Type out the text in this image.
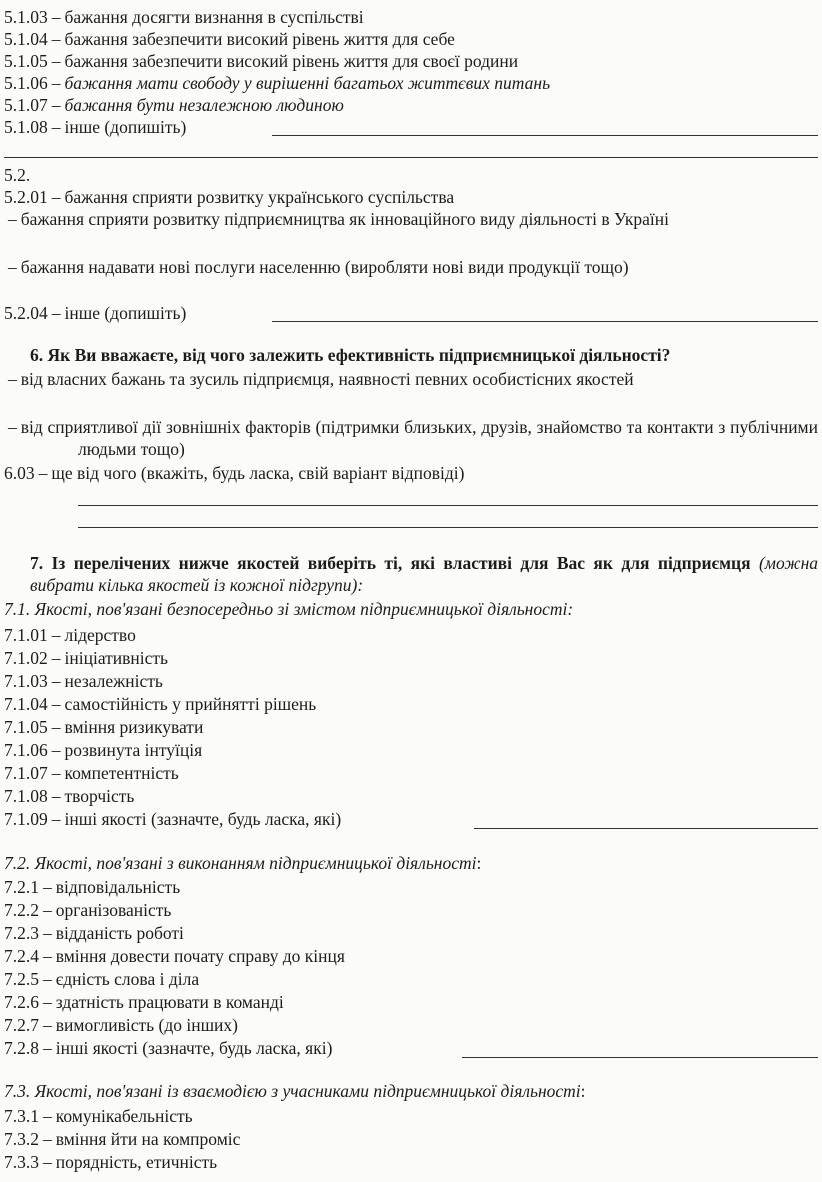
5.1.03 – бажання досягти визнання в суспільстві
5.1.04 – бажання забезпечити високий рівень життя для себе
5.1.05 – бажання забезпечити високий рівень життя для своєї родини
5.1.06 – бажання мати свободу у вирішенні багатьох життєвих питань
5.1.07 – бажання бути незалежною людиною
5.1.08 – інше (допишіть)
5.2.
5.2.01 – бажання сприяти розвитку українського суспільства
– бажання сприяти розвитку підприємництва як інноваційного виду діяльності в Україні
– бажання надавати нові послуги населенню (виробляти нові види продукції тощо)
5.2.04 – інше (допишіть)
6. Як Ви вважаєте, від чого залежить ефективність підприємницької діяльності?
– від власних бажань та зусиль підприємця, наявності певних особистісних якостей
– від сприятливої дії зовнішніх факторів (підтримки близьких, друзів, знайомство та контакти з публічними людьми тощо)
6.03 – ще від чого (вкажіть, будь ласка, свій варіант відповіді)
7. Із перелічених нижче якостей виберіть ті, які властиві для Вас як для підприємця (можна вибрати кілька якостей із кожної підгрупи):
7.1. Якості, пов'язані безпосередньо зі змістом підприємницької діяльності:
7.1.01 – лідерство
7.1.02 – ініціативність
7.1.03 – незалежність
7.1.04 – самостійність у прийнятті рішень
7.1.05 – вміння ризикувати
7.1.06 – розвинута інтуїція
7.1.07 – компетентність
7.1.08 – творчість
7.1.09 – інші якості (зазначте, будь ласка, які)
7.2. Якості, пов'язані з виконанням підприємницької діяльності:
7.2.1 – відповідальність
7.2.2 – організованість
7.2.3 – відданість роботі
7.2.4 – вміння довести почату справу до кінця
7.2.5 – єдність слова і діла
7.2.6 – здатність працювати в команді
7.2.7 – вимогливість (до інших)
7.2.8 – інші якості (зазначте, будь ласка, які)
7.3. Якості, пов'язані із взаємодією з учасниками підприємницької діяльності:
7.3.1 – комунікабельність
7.3.2 – вміння йти на компроміс
7.3.3 – порядність, етичність
